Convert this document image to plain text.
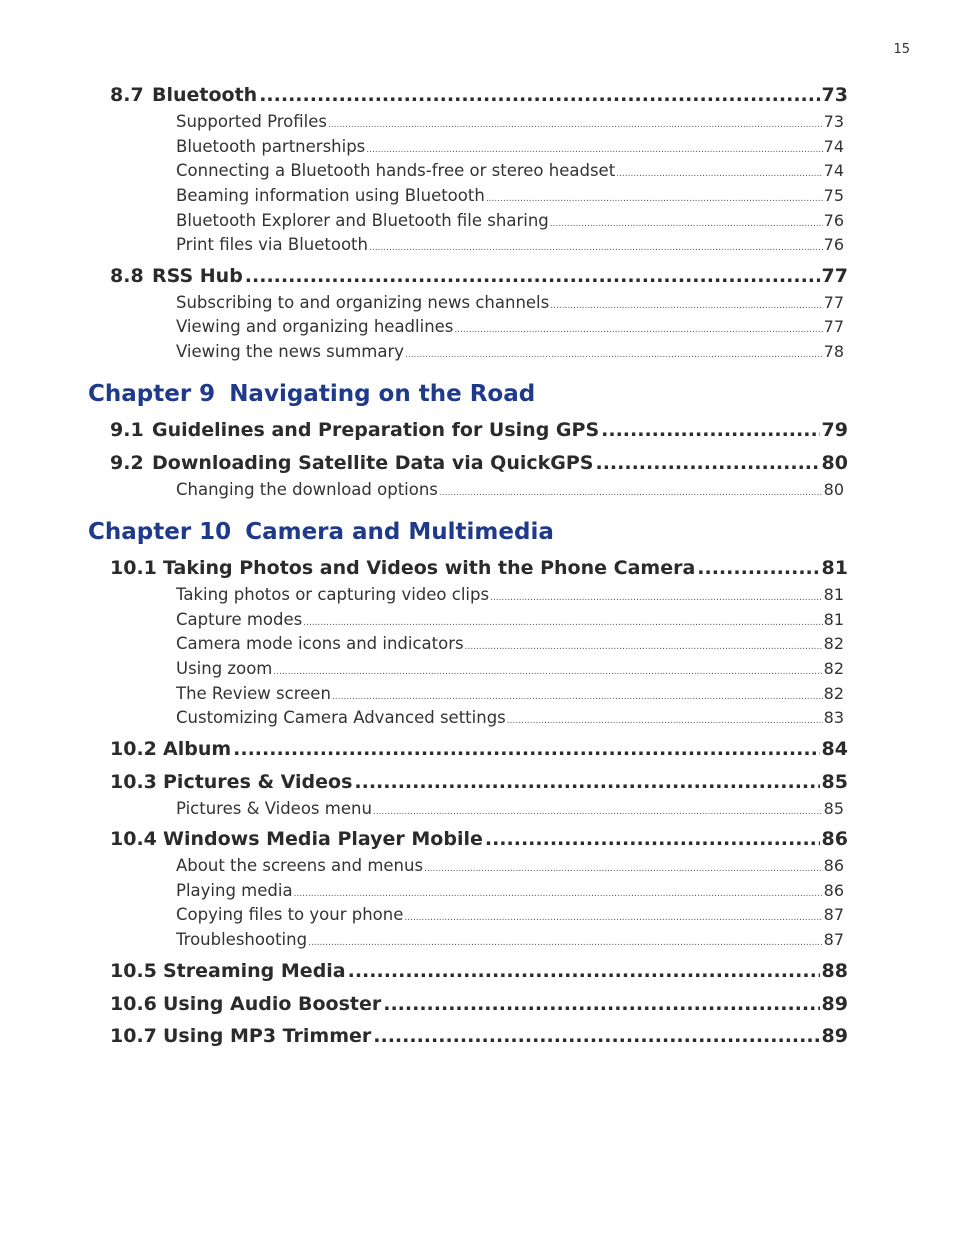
15
8.7 Bluetooth .....	73
Supported Profiles .....	73
Bluetooth partnerships .....	74
Connecting a Bluetooth hands-free or stereo headset .....	74
Beaming information using Bluetooth .....	75
Bluetooth Explorer and Bluetooth file sharing .....	76
Print files via Bluetooth .....	76
8.8 RSS Hub .....	77
Subscribing to and organizing news channels .....	77
Viewing and organizing headlines .....	77
Viewing the news summary .....	78
Chapter 9 Navigating on the Road
9.1 Guidelines and Preparation for Using GPS .....	79
9.2 Downloading Satellite Data via QuickGPS .....	80
Changing the download options .....	80
Chapter 10 Camera and Multimedia
10.1 Taking Photos and Videos with the Phone Camera .....	81
Taking photos or capturing video clips .....	81
Capture modes .....	81
Camera mode icons and indicators .....	82
Using zoom .....	82
The Review screen .....	82
Customizing Camera Advanced settings .....	83
10.2 Album .....	84
10.3 Pictures & Videos .....	85
Pictures & Videos menu .....	85
10.4 Windows Media Player Mobile .....	86
About the screens and menus .....	86
Playing media .....	86
Copying files to your phone .....	87
Troubleshooting .....	87
10.5 Streaming Media .....	88
10.6 Using Audio Booster .....	89
10.7 Using MP3 Trimmer .....	89
